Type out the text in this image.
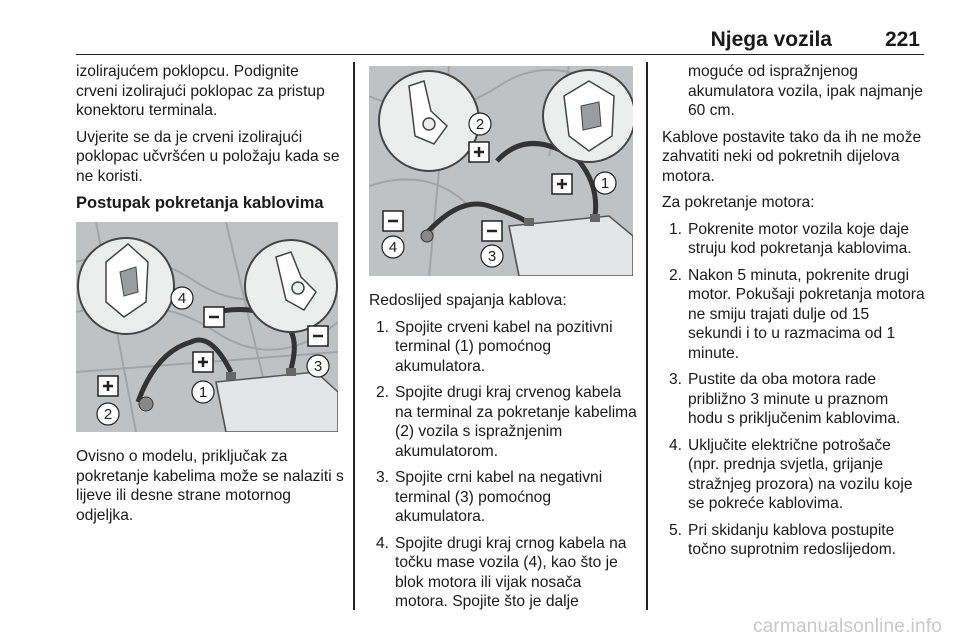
Njega vozila	221

izolirajućem poklopcu. Podignite crveni izolirajući poklopac za pristup konektoru terminala.

Uvjerite se da je crveni izolirajući poklopac učvršćen u položaju kada se ne koristi.

Postupak pokretanja kablovima
1
2
3
4

Ovisno o modelu, priključak za pokretanje kabelima može se nalaziti s lijeve ili desne strane motornog odjeljka.

1
2
3
4

Redoslijed spajanja kablova:

1. Spojite crveni kabel na pozitivni terminal (1) pomoćnog akumulatora.
2. Spojite drugi kraj crvenog kabela na terminal za pokretanje kabelima (2) vozila s ispražnjenim akumulatorom.
3. Spojite crni kabel na negativni terminal (3) pomoćnog akumulatora.
4. Spojite drugi kraj crnog kabela na točku mase vozila (4), kao što je blok motora ili vijak nosača motora. Spojite što je dalje

moguće od ispražnjenog akumulatora vozila, ipak najmanje 60 cm.

Kablove postavite tako da ih ne može zahvatiti neki od pokretnih dijelova motora.

Za pokretanje motora:

1. Pokrenite motor vozila koje daje struju kod pokretanja kablovima.
2. Nakon 5 minuta, pokrenite drugi motor. Pokušaji pokretanja motora ne smiju trajati dulje od 15 sekundi i to u razmacima od 1 minute.
3. Pustite da oba motora rade približno 3 minute u praznom hodu s priključenim kablovima.
4. Uključite električne potrošače (npr. prednja svjetla, grijanje stražnjeg prozora) na vozilu koje se pokreće kablovima.
5. Pri skidanju kablova postupite točno suprotnim redoslijedom.
carmanualsonline.info
